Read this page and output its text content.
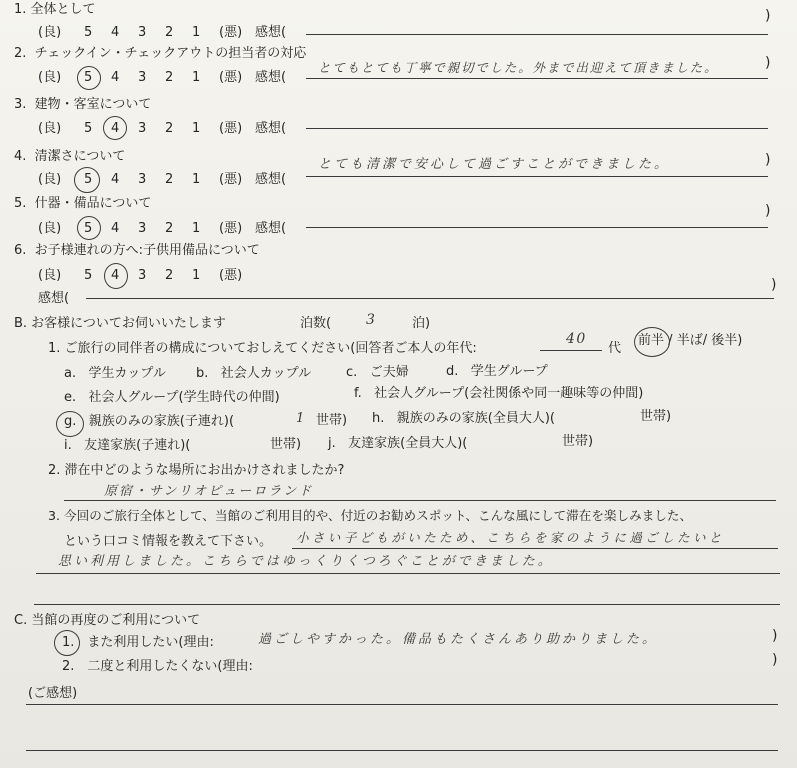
1. 全体として
(良) 5 4 3 2 1 (悪) 感想(
)
2. チェックイン・チェックアウトの担当者の対応
(良) 5 4 3 2 1 (悪) 感想(
とてもとても丁寧で親切でした。外まで出迎えて頂きました。	)
3. 建物・客室について
(良) 5 4 3 2 1 (悪) 感想(
4. 清潔さについて
(良) 5 4 3 2 1 (悪) 感想(
とても清潔で安心して過ごすことができました。	)
5. 什器・備品について
(良) 5 4 3 2 1 (悪) 感想(
)
6. お子様連れの方へ:子供用備品について
(良) 5 4 3 2 1 (悪)
感想(
)
B. お客様についてお伺いいたします	泊数( 3	泊)
1. ご旅行の同伴者の構成についておしえてください(回答者ご本人の年代:
40
代
前半 / 半ば/ 後半)
a. 学生カップル b. 社会人カップル	c. ご夫婦	d. 学生グループ
e. 社会人グループ(学生時代の仲間)	f. 社会人グループ(会社関係や同一趣味等の仲間)
g. 親族のみの家族(子連れ)(	1 世帯) h. 親族のみの家族(全員大人)(	世帯)
i. 友達家族(子連れ)(	世帯) j. 友達家族(全員大人)(	世帯)
2. 滞在中どのような場所にお出かけされましたか?
原宿・サンリオピューロランド
3. 今回のご旅行全体として、当館のご利用目的や、付近のお勧めスポット、こんな風にして滞在を楽しみました、
という口コミ情報を教えて下さい。 小さい子どもがいたため、こちらを家のように過ごしたいと
思い利用しました。こちらではゆっくりくつろぐことができました。
C. 当館の再度のご利用について
1.　また利用したい(理由:	過ごしやすかった。備品もたくさんあり助かりました。	)
2.　二度と利用したくない(理由:	)
(ご感想)
